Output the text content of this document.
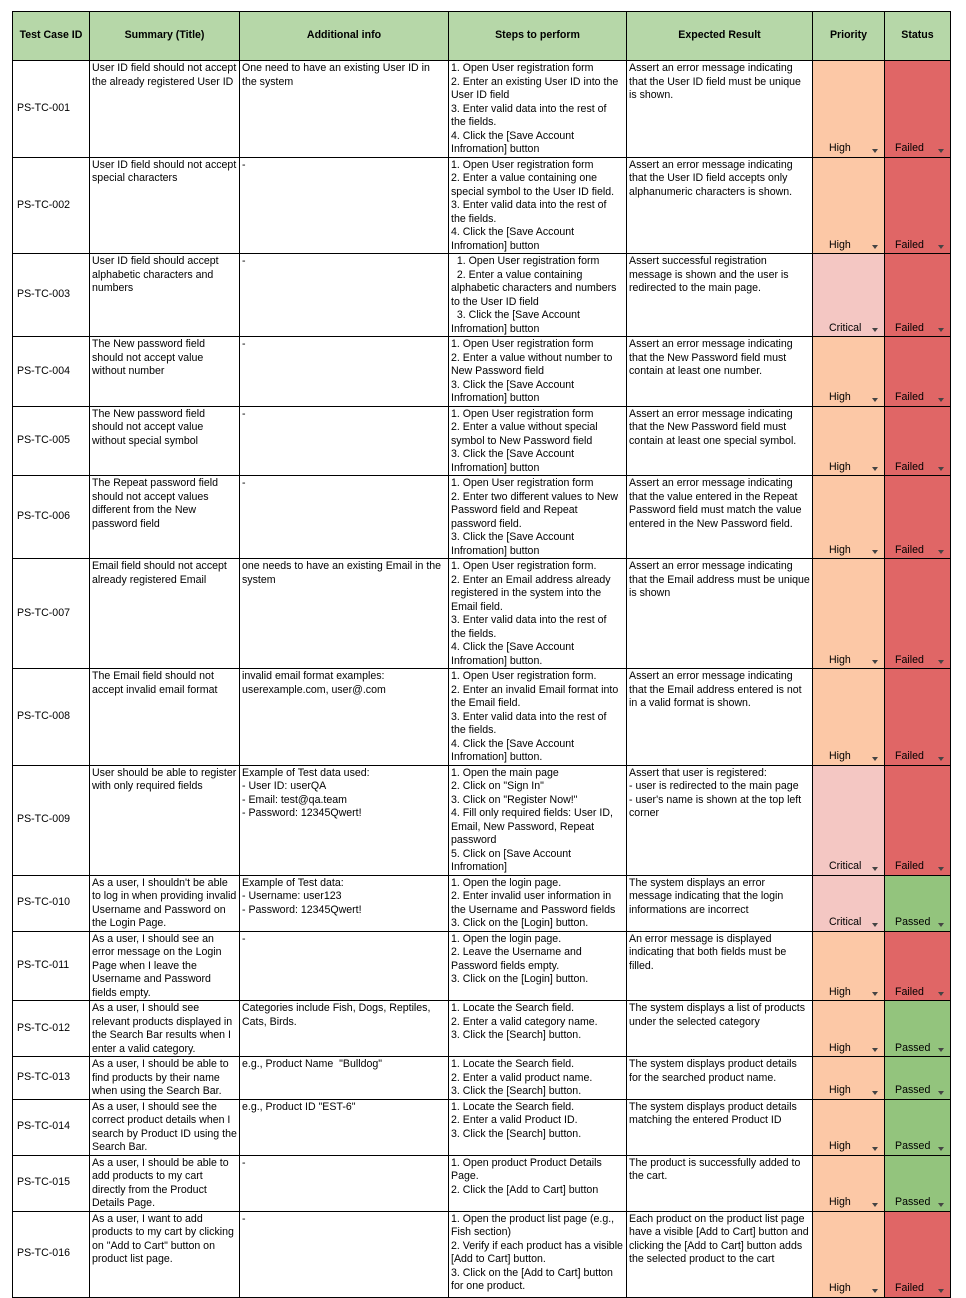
Test Case ID	Summary (Title)	Additional info	Steps to perform	Expected Result	Priority	Status
PS-TC-001	User ID field should not accept the already registered User ID	One need to have an existing User ID in the system	1. Open User registration form
2. Enter an existing User ID into the User ID field
3. Enter valid data into the rest of the fields.
4. Click the [Save Account Infromation] button	Assert an error message indicating that the User ID field must be unique is shown.	High	Failed

PS-TC-002	User ID field should not accept special characters	-	1. Open User registration form
2. Enter a value containing one special symbol to the User ID field.
3. Enter valid data into the rest of the fields.
4. Click the [Save Account Infromation] button	Assert an error message indicating that the User ID field accepts only alphanumeric characters is shown.	High	Failed

PS-TC-003	User ID field should accept alphabetic characters and numbers	-	1. Open User registration form
2. Enter a value containing alphabetic characters and numbers to the User ID field
3. Click the [Save Account Infromation] button	Assert successful registration message is shown and the user is redirected to the main page.	Critical	Failed

PS-TC-004	The New password field should not accept value without number	-	1. Open User registration form
2. Enter a value without number to New Password field
3. Click the [Save Account Infromation] button	Assert an error message indicating that the New Password field must contain at least one number.	High	Failed

PS-TC-005	The New password field should not accept value without special symbol	-	1. Open User registration form
2. Enter a value without special symbol to New Password field
3. Click the [Save Account Infromation] button	Assert an error message indicating that the New Password field must contain at least one special symbol.	High	Failed

PS-TC-006	The Repeat password field should not accept values different from the New password field	-	1. Open User registration form
2. Enter two different values to New Password field and Repeat password field.
3. Click the [Save Account Infromation] button	Assert an error message indicating that the value entered in the Repeat Password field must match the value entered in the New Password field.	High	Failed

PS-TC-007	Email field should not accept already registered Email	one needs to have an existing Email in the system	1. Open User registration form.
2. Enter an Email address already registered in the system into the Email field.
3. Enter valid data into the rest of the fields.
4. Click the [Save Account Infromation] button.	Assert an error message indicating that the Email address must be unique is shown	High	Failed

PS-TC-008	The Email field should not accept invalid email format	invalid email format examples:
userexample.com, user@.com	1. Open User registration form.
2. Enter an invalid Email format into the Email field.
3. Enter valid data into the rest of the fields.
4. Click the [Save Account Infromation] button.	Assert an error message indicating that the Email address entered is not in a valid format is shown.	High	Failed

PS-TC-009	User should be able to register with only required fields	Example of Test data used:
- User ID: userQA
- Email: test@qa.team
- Password: 12345Qwert!	1. Open the main page
2. Click on "Sign In"
3. Click on "Register Now!"
4. Fill only required fields: User ID, Email, New Password, Repeat password
5. Click on [Save Account Infromation]	Assert that user is registered:
- user is redirected to the main page
- user's name is shown at the top left corner	Critical	Failed

PS-TC-010	As a user, I shouldn't be able to log in when providing invalid Username and Password on the Login Page.	Example of Test data:
- Username: user123
- Password: 12345Qwert!	1. Open the login page.
2. Enter invalid user information in the Username and Password fields
3. Click on the [Login] button.	The system displays an error message indicating that the login informations are incorrect	Critical	Passed

PS-TC-011	As a user, I should see an error message on the Login Page when I leave the Username and Password fields empty.	-	1. Open the login page.
2. Leave the Username and Password fields empty.
3. Click on the [Login] button.	An error message is displayed indicating that both fields must be filled.	High	Failed

PS-TC-012	As a user, I should see relevant products displayed in the Search Bar results when I enter a valid category.	Categories include Fish, Dogs, Reptiles, Cats, Birds.	1. Locate the Search field.
2. Enter a valid category name.
3. Click the [Search] button.	The system displays a list of products under the selected category	High	Passed

PS-TC-013	As a user, I should be able to find products by their name when using the Search Bar.	e.g., Product Name  "Bulldog"	1. Locate the Search field.
2. Enter a valid product name.
3. Click the [Search] button.	The system displays product details for the searched product name.	High	Passed

PS-TC-014	As a user, I should see the correct product details when I search by Product ID using the Search Bar.	e.g., Product ID "EST-6"	1. Locate the Search field.
2. Enter a valid Product ID.
3. Click the [Search] button.	The system displays product details matching the entered Product ID	High	Passed

PS-TC-015	As a user, I should be able to add products to my cart directly from the Product Details Page.	-	1. Open product Product Details Page.
2. Click the [Add to Cart] button	The product is successfully added to the cart.	High	Passed

PS-TC-016	As a user, I want to add products to my cart by clicking on "Add to Cart" button on product list page.	-	1. Open the product list page (e.g., Fish section)
2. Verify if each product has a visible [Add to Cart] button.
3. Click on the [Add to Cart] button for one product.	Each product on the product list page have a visible [Add to Cart] button and clicking the [Add to Cart] button adds the selected product to the cart	High	Failed
